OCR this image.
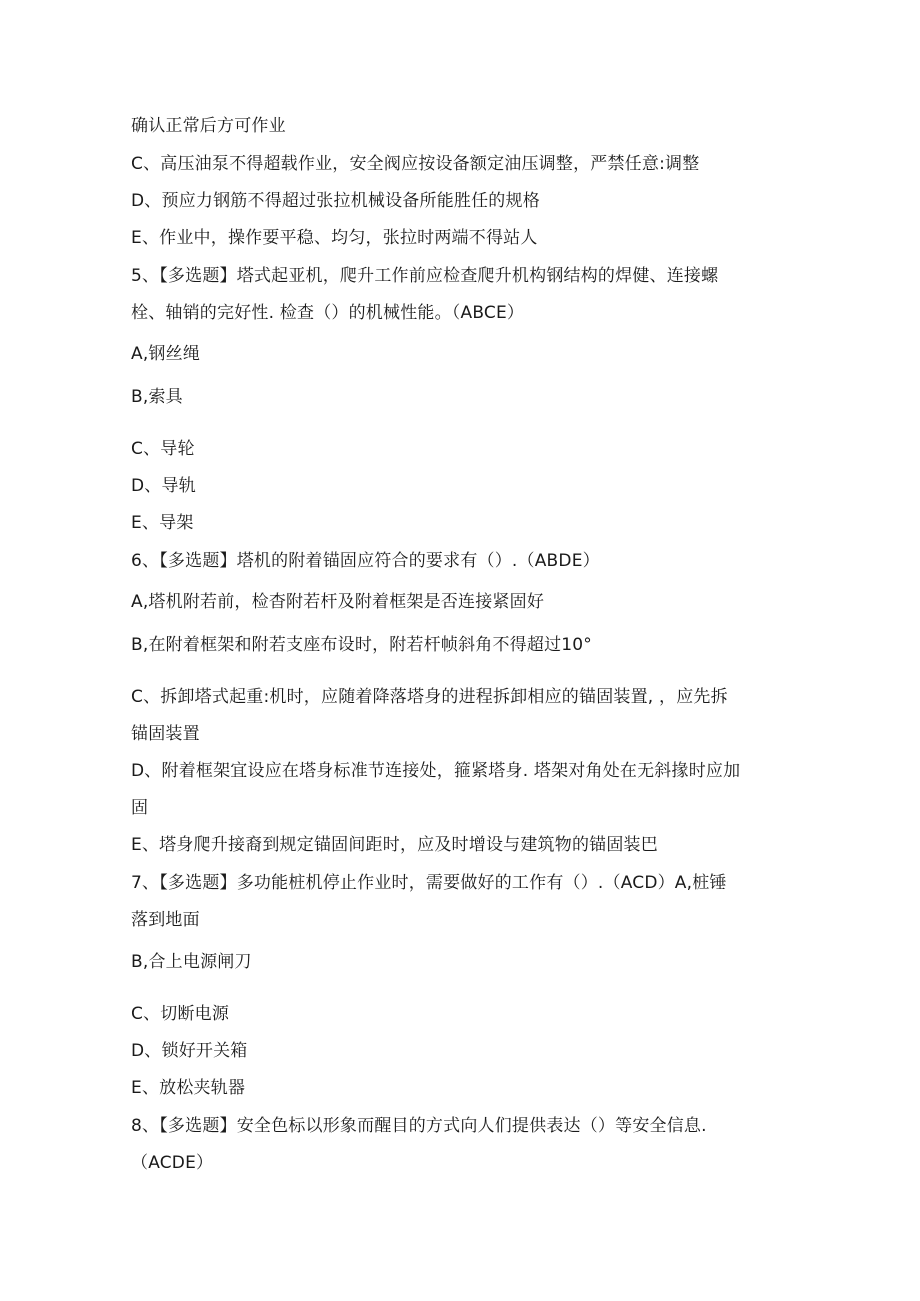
确认正常后方可作业
C、高压油泵不得超载作业，安全阀应按设备额定油压调整，严禁任意:调整
D、预应力钢筋不得超过张拉机械设备所能胜任的规格
E、作业中，操作要平稳、均匀，张拉时两端不得站人
5、【多选题】塔式起亚机，爬升工作前应检查爬升机构钢结构的焊健、连接螺
栓、轴销的完好性. 检查（）的机械性能。（ABCE）
A,钢丝绳
B,索具
C、导轮
D、导轨
E、导架
6、【多选题】塔机的附着锚固应符合的要求有（）.（ABDE）
A,塔机附若前，检杳附若杆及附着框架是否连接紧固好
B,在附着框架和附若支座布设时，附若杆帧斜角不得超过10°
C、拆卸塔式起重:机时，应随着降落塔身的进程拆卸相应的锚固装置, ，应先拆
锚固装置
D、附着框架宜设应在塔身标准节连接处，箍紧塔身. 塔架对角处在无斜掾时应加
固
E、塔身爬升接裔到规定锚固间距时，应及时增设与建筑物的锚固装巴
7、【多选题】多功能桩机停止作业时，需要做好的工作有（）.（ACD）A,桩锤
落到地面
B,合上电源闸刀
C、切断电源
D、锁好开关箱
E、放松夹轨器
8、【多选题】安全色标以形象而醒目的方式向人们提供表达（）等安全信息.
（ACDE）
